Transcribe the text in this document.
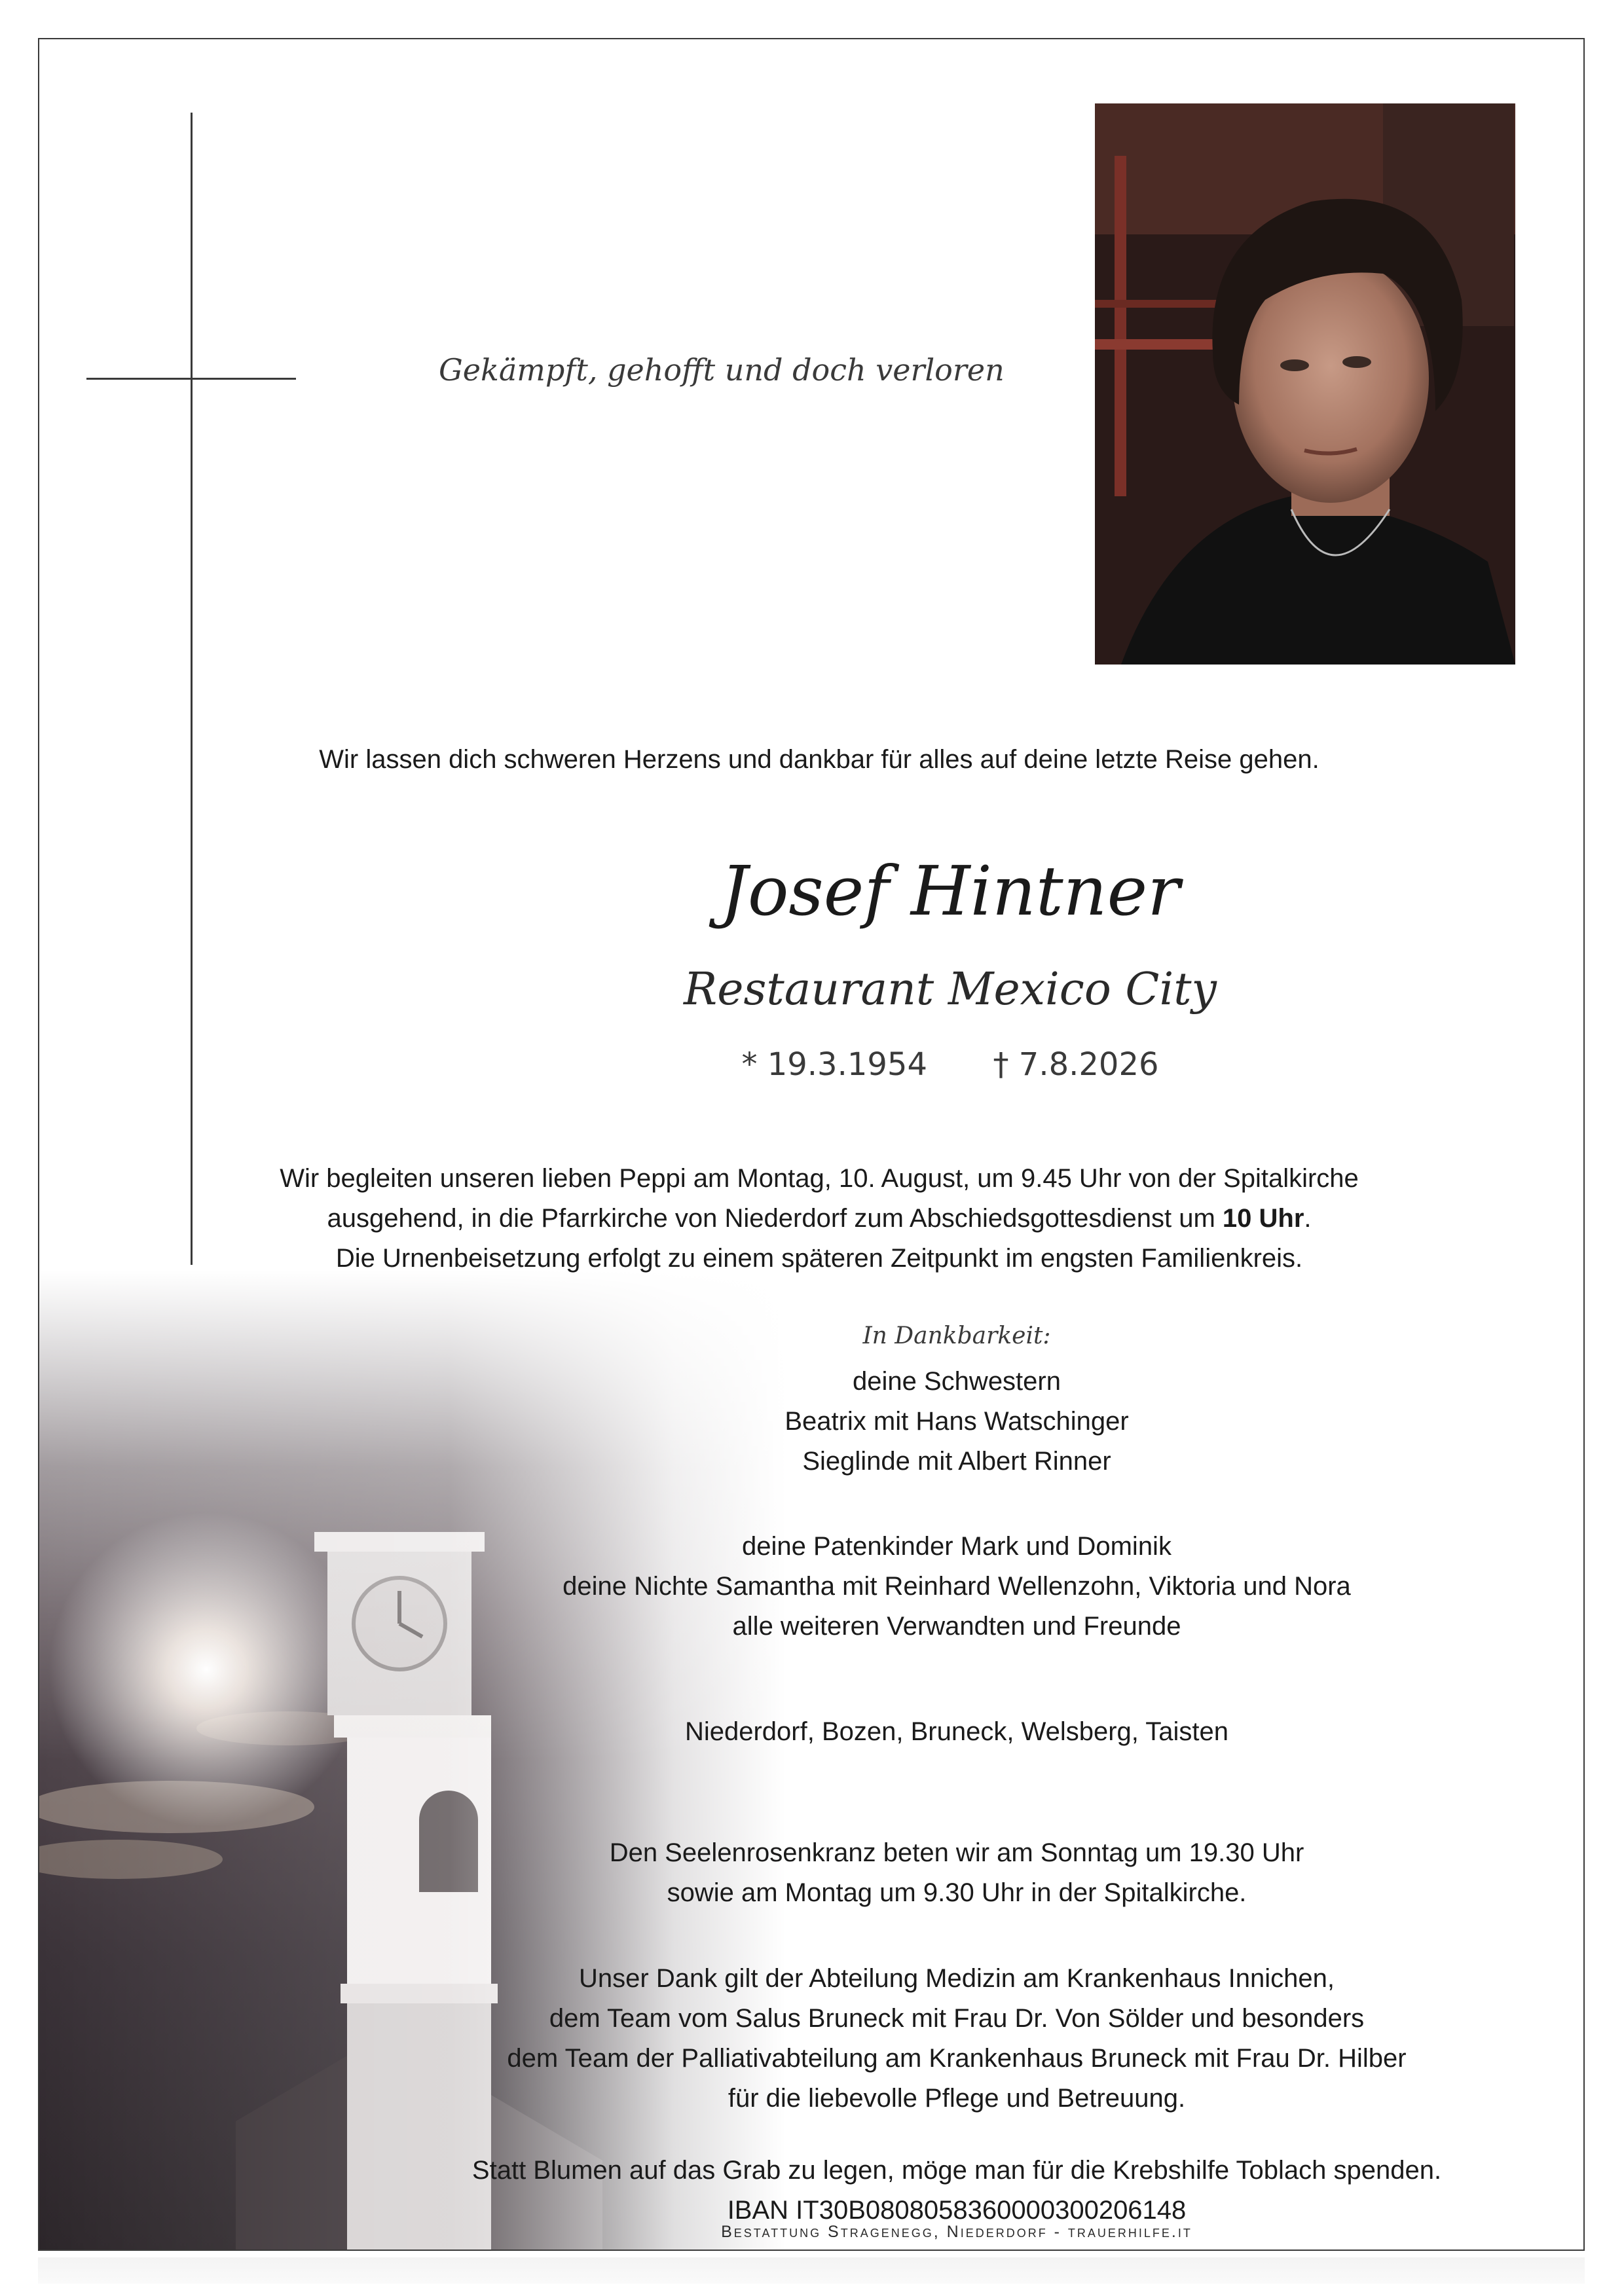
Gekämpft, gehofft und doch verloren
Wir lassen dich schweren Herzens und dankbar für alles auf deine letzte Reise gehen.
Josef Hintner
Restaurant Mexico City
* 19.3.1954 † 7.8.2026
Wir begleiten unseren lieben Peppi am Montag, 10. August, um 9.45 Uhr von der Spitalkirche
ausgehend, in die Pfarrkirche von Niederdorf zum Abschiedsgottesdienst um 10 Uhr.
Die Urnenbeisetzung erfolgt zu einem späteren Zeitpunkt im engsten Familienkreis.
In Dankbarkeit:
deine Schwestern
Beatrix mit Hans Watschinger
Sieglinde mit Albert Rinner
deine Patenkinder Mark und Dominik
deine Nichte Samantha mit Reinhard Wellenzohn, Viktoria und Nora
alle weiteren Verwandten und Freunde
Niederdorf, Bozen, Bruneck, Welsberg, Taisten
Den Seelenrosenkranz beten wir am Sonntag um 19.30 Uhr
sowie am Montag um 9.30 Uhr in der Spitalkirche.
Unser Dank gilt der Abteilung Medizin am Krankenhaus Innichen,
dem Team vom Salus Bruneck mit Frau Dr. Von Sölder und besonders
dem Team der Palliativabteilung am Krankenhaus Bruneck mit Frau Dr. Hilber
für die liebevolle Pflege und Betreuung.
Statt Blumen auf das Grab zu legen, möge man für die Krebshilfe Toblach spenden.
IBAN IT30B0808058360000300206148
Bestattung Stragenegg, Niederdorf - trauerhilfe.it
